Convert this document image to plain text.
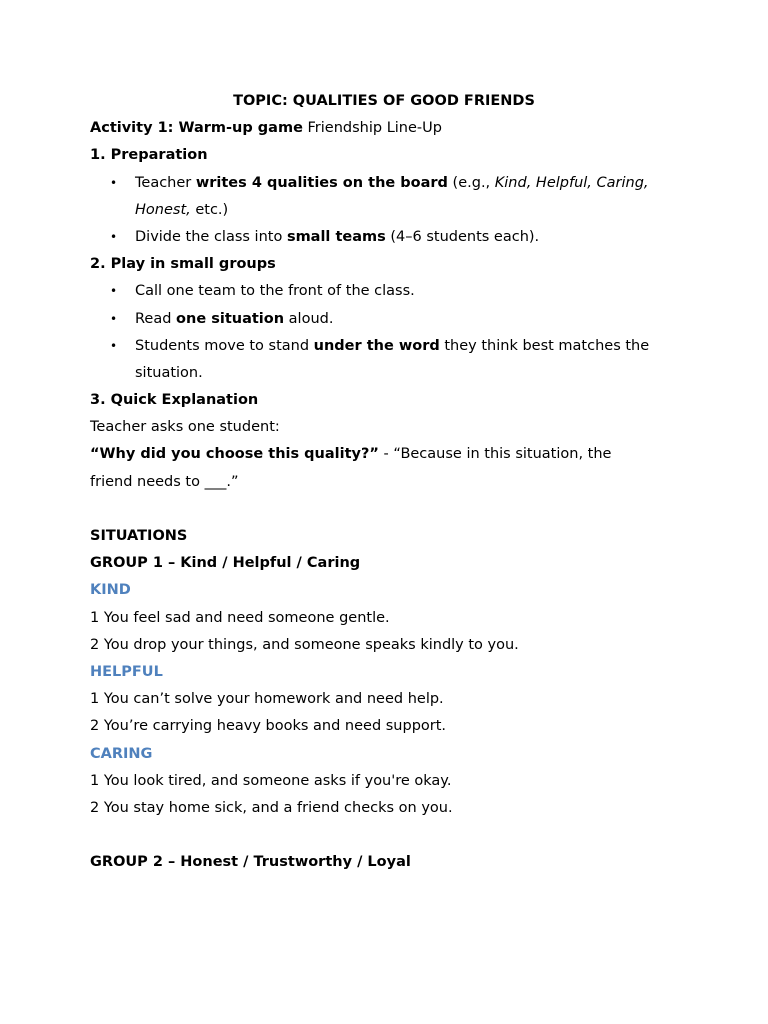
TOPIC: QUALITIES OF GOOD FRIENDS
Activity 1: Warm-up game Friendship Line-Up
1. Preparation
• Teacher writes 4 qualities on the board (e.g., Kind, Helpful, Caring,
Honest, etc.)
• Divide the class into small teams (4–6 students each).
2. Play in small groups
• Call one team to the front of the class.
• Read one situation aloud.
• Students move to stand under the word they think best matches the
situation.
3. Quick Explanation
Teacher asks one student:
“Why did you choose this quality?” - “Because in this situation, the
friend needs to ___.”
SITUATIONS
GROUP 1 – Kind / Helpful / Caring
KIND
1 You feel sad and need someone gentle.
2 You drop your things, and someone speaks kindly to you.
HELPFUL
1 You can’t solve your homework and need help.
2 You’re carrying heavy books and need support.
CARING
1 You look tired, and someone asks if you're okay.
2 You stay home sick, and a friend checks on you.
GROUP 2 – Honest / Trustworthy / Loyal
